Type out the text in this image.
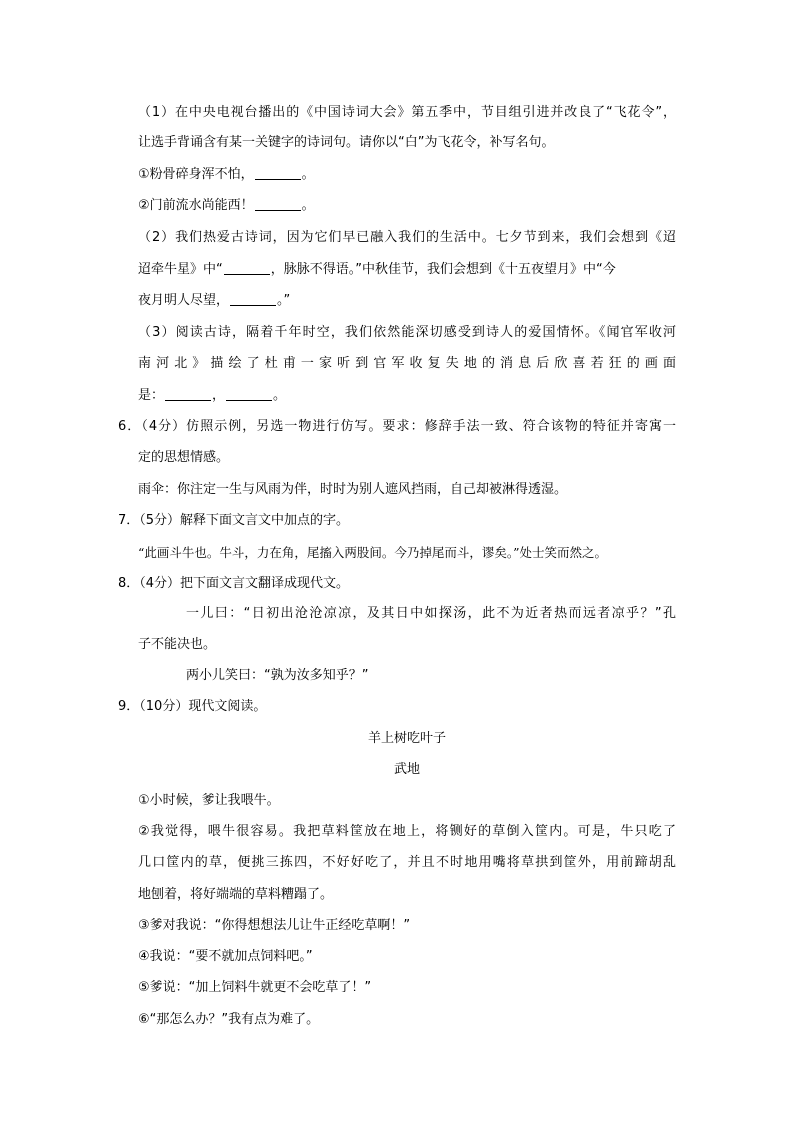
（1）在中央电视台播出的《中国诗词大会》第五季中，节目组引进并改良了“飞花令”，
让选手背诵含有某一关键字的诗词句。请你以“白”为飞花令，补写名句。
①粉骨碎身浑不怕，	。
②门前流水尚能西！	。
（2）我们热爱古诗词，因为它们早已融入我们的生活中。七夕节到来，我们会想到《迢
迢牵牛星》中“	，脉脉不得语。”中秋佳节，我们会想到《十五夜望月》中“今
夜月明人尽望，	。”
（3）阅读古诗，隔着千年时空，我们依然能深切感受到诗人的爱国情怀。《闻官军收河
南河北》描绘了杜甫一家听到官军收复失地的消息后欣喜若狂的画面
是：	，	。
6．（4分）仿照示例，另选一物进行仿写。要求：修辞手法一致、符合该物的特征并寄寓一
定的思想情感。
雨伞：你注定一生与风雨为伴，时时为别人遮风挡雨，自己却被淋得透湿。
7．（5分）解释下面文言文中加点的字。
“此画斗牛也。牛斗，力在角，尾搐入两股间。今乃掉尾而斗，谬矣。”处士笑而然之。
8．（4分）把下面文言文翻译成现代文。
一儿曰：“日初出沧沧凉凉，及其日中如探汤，此不为近者热而远者凉乎？”孔
子不能决也。
两小儿笑曰：“孰为汝多知乎？”
9．（10分）现代文阅读。
羊上树吃叶子
武地
①小时候，爹让我喂牛。
②我觉得，喂牛很容易。我把草料筐放在地上，将铡好的草倒入筐内。可是，牛只吃了
几口筐内的草，便挑三拣四，不好好吃了，并且不时地用嘴将草拱到筐外，用前蹄胡乱
地刨着，将好端端的草料糟蹋了。
③爹对我说：“你得想想法儿让牛正经吃草啊！”
④我说：“要不就加点饲料吧。”
⑤爹说：“加上饲料牛就更不会吃草了！”
⑥“那怎么办？”我有点为难了。
